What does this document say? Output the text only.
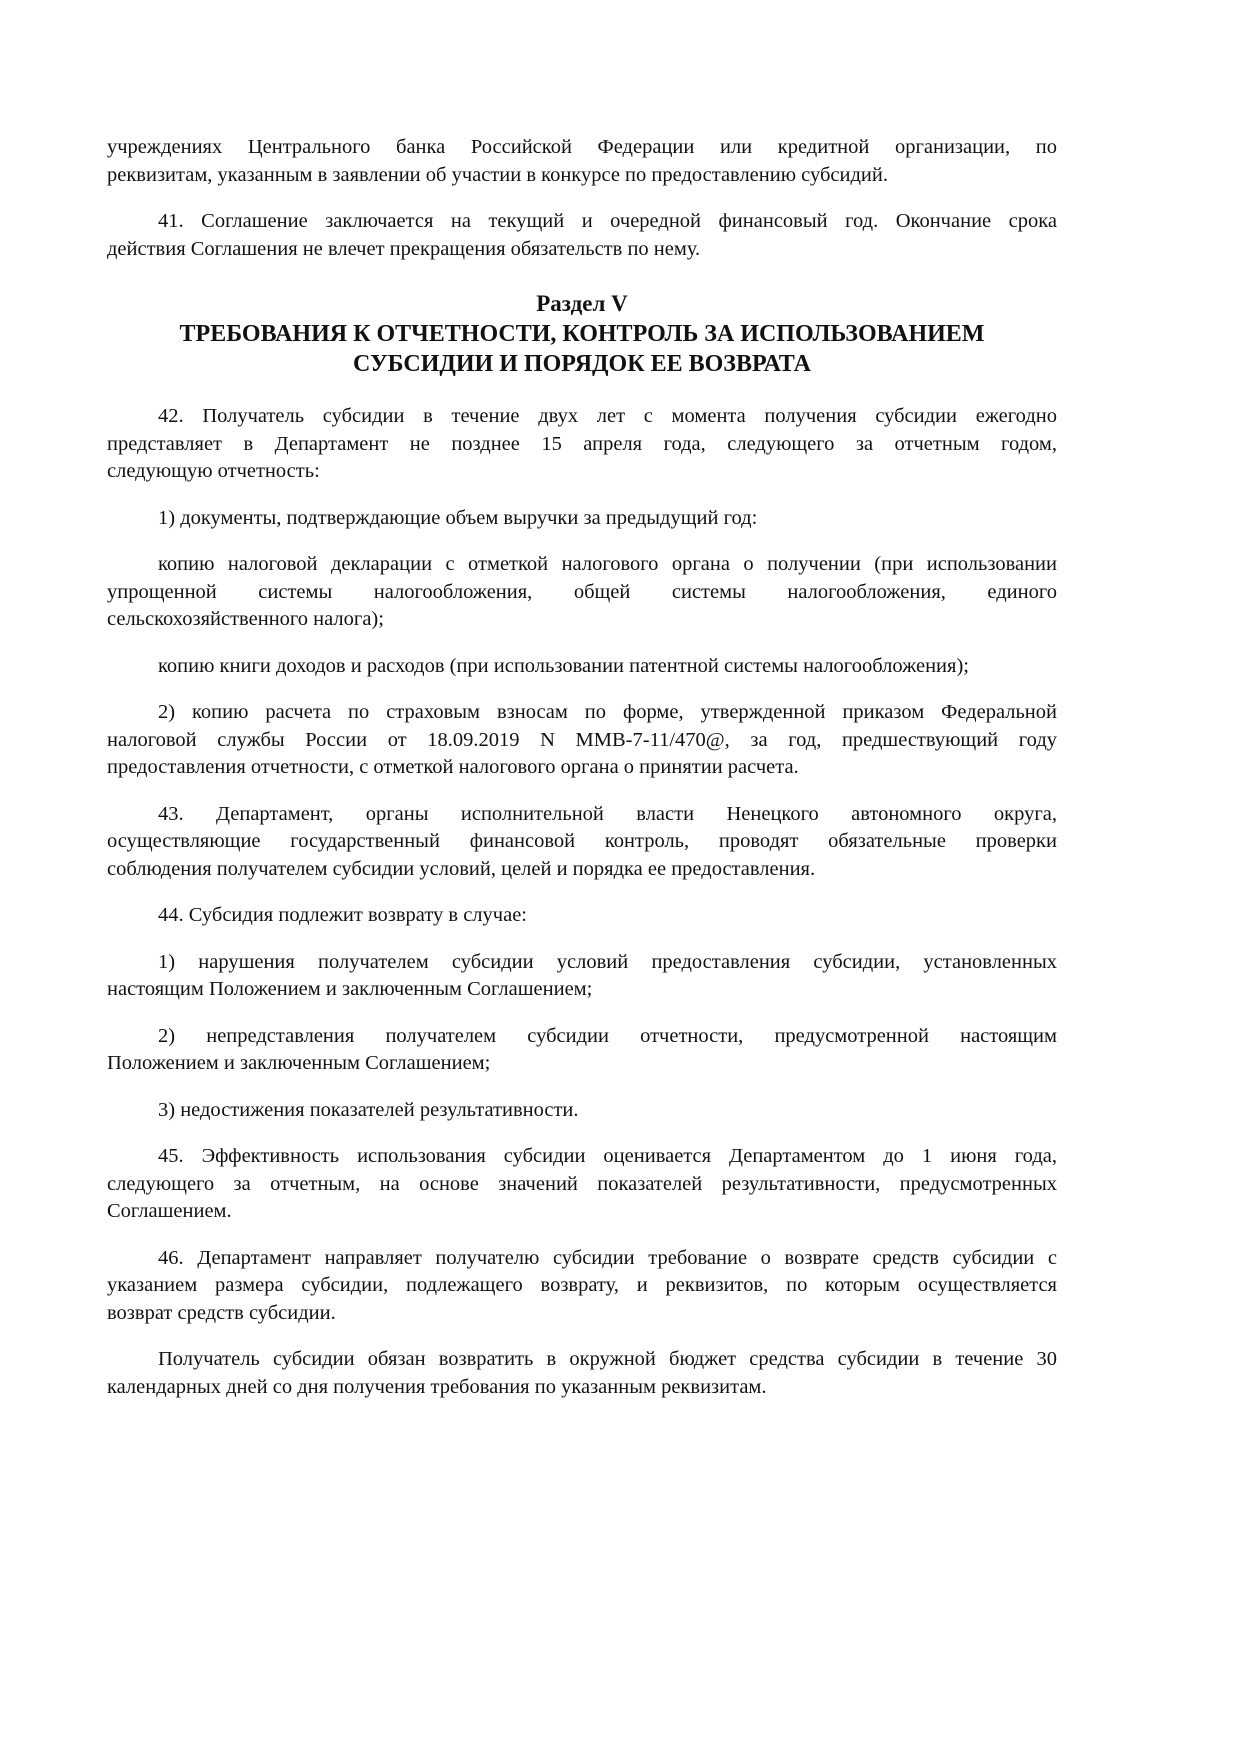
учреждениях Центрального банка Российской Федерации или кредитной организации, по
реквизитам, указанным в заявлении об участии в конкурсе по предоставлению субсидий.

41. Соглашение заключается на текущий и очередной финансовый год. Окончание срока
действия Соглашения не влечет прекращения обязательств по нему.

Раздел V
ТРЕБОВАНИЯ К ОТЧЕТНОСТИ, КОНТРОЛЬ ЗА ИСПОЛЬЗОВАНИЕМ
СУБСИДИИ И ПОРЯДОК ЕЕ ВОЗВРАТА

42. Получатель субсидии в течение двух лет с момента получения субсидии ежегодно
представляет в Департамент не позднее 15 апреля года, следующего за отчетным годом,
следующую отчетность:

1) документы, подтверждающие объем выручки за предыдущий год:

копию налоговой декларации с отметкой налогового органа о получении (при использовании
упрощенной системы налогообложения, общей системы налогообложения, единого
сельскохозяйственного налога);

копию книги доходов и расходов (при использовании патентной системы налогообложения);

2) копию расчета по страховым взносам по форме, утвержденной приказом Федеральной
налоговой службы России от 18.09.2019 N ММВ-7-11/470@, за год, предшествующий году
предоставления отчетности, с отметкой налогового органа о принятии расчета.

43. Департамент, органы исполнительной власти Ненецкого автономного округа,
осуществляющие государственный финансовой контроль, проводят обязательные проверки
соблюдения получателем субсидии условий, целей и порядка ее предоставления.

44. Субсидия подлежит возврату в случае:

1) нарушения получателем субсидии условий предоставления субсидии, установленных
настоящим Положением и заключенным Соглашением;

2) непредставления получателем субсидии отчетности, предусмотренной настоящим
Положением и заключенным Соглашением;

3) недостижения показателей результативности.

45. Эффективность использования субсидии оценивается Департаментом до 1 июня года,
следующего за отчетным, на основе значений показателей результативности, предусмотренных
Соглашением.

46. Департамент направляет получателю субсидии требование о возврате средств субсидии с
указанием размера субсидии, подлежащего возврату, и реквизитов, по которым осуществляется
возврат средств субсидии.

Получатель субсидии обязан возвратить в окружной бюджет средства субсидии в течение 30
календарных дней со дня получения требования по указанным реквизитам.
